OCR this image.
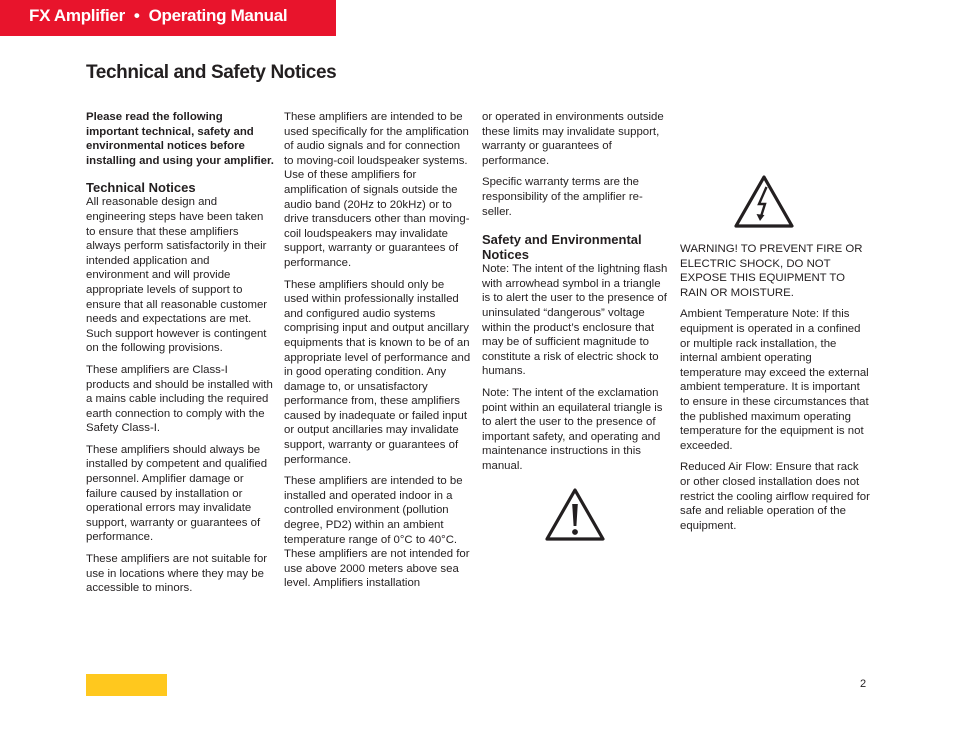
FX Amplifier • Operating Manual
Technical and Safety Notices

Please read the following important technical, safety and environmental notices before installing and using your amplifier.

Technical Notices

All reasonable design and engineering steps have been taken to ensure that these amplifiers always perform satisfactorily in their intended application and environment and will provide appropriate levels of support to ensure that all reasonable customer needs and expectations are met. Such support however is contingent on the following provisions.

These amplifiers are Class-I products and should be installed with a mains cable including the required earth connection to comply with the Safety Class-I.

These amplifiers should always be installed by competent and qualified personnel. Amplifier damage or failure caused by installation or operational errors may invalidate support, warranty or guarantees of performance.

These amplifiers are not suitable for use in locations where they may be accessible to minors.

These amplifiers are intended to be used specifically for the amplification of audio signals and for connection to moving-coil loudspeaker systems. Use of these amplifiers for amplification of signals outside the audio band (20Hz to 20kHz) or to drive transducers other than moving-coil loudspeakers may invalidate support, warranty or guarantees of performance.

These amplifiers should only be used within professionally installed and configured audio systems comprising input and output ancillary equipments that is known to be of an appropriate level of performance and in good operating condition. Any damage to, or unsatisfactory performance from, these amplifiers caused by inadequate or failed input or output ancillaries may invalidate support, warranty or guarantees of performance.

These amplifiers are intended to be installed and operated indoor in a controlled environment (pollution degree, PD2) within an ambient temperature range of 0°C to 40°C. These amplifiers are not intended for use above 2000 meters above sea level. Amplifiers installation

or operated in environments outside these limits may invalidate support, warranty or guarantees of performance.

Specific warranty terms are the responsibility of the amplifier re-seller.

Safety and Environmental Notices

Note: The intent of the lightning flash with arrowhead symbol in a triangle is to alert the user to the presence of uninsulated “dangerous” voltage within the product’s enclosure that may be of sufficient magnitude to constitute a risk of electric shock to humans.

Note: The intent of the exclamation point within an equilateral triangle is to alert the user to the presence of important safety, and operating and maintenance instructions in this manual.

WARNING! TO PREVENT FIRE OR ELECTRIC SHOCK, DO NOT EXPOSE THIS EQUIPMENT TO RAIN OR MOISTURE.

Ambient Temperature Note: If this equipment is operated in a confined or multiple rack installation, the internal ambient operating temperature may exceed the external ambient temperature. It is important to ensure in these circumstances that the published maximum operating temperature for the equipment is not exceeded.

Reduced Air Flow: Ensure that rack or other closed installation does not restrict the cooling airflow required for safe and reliable operation of the equipment.

2
